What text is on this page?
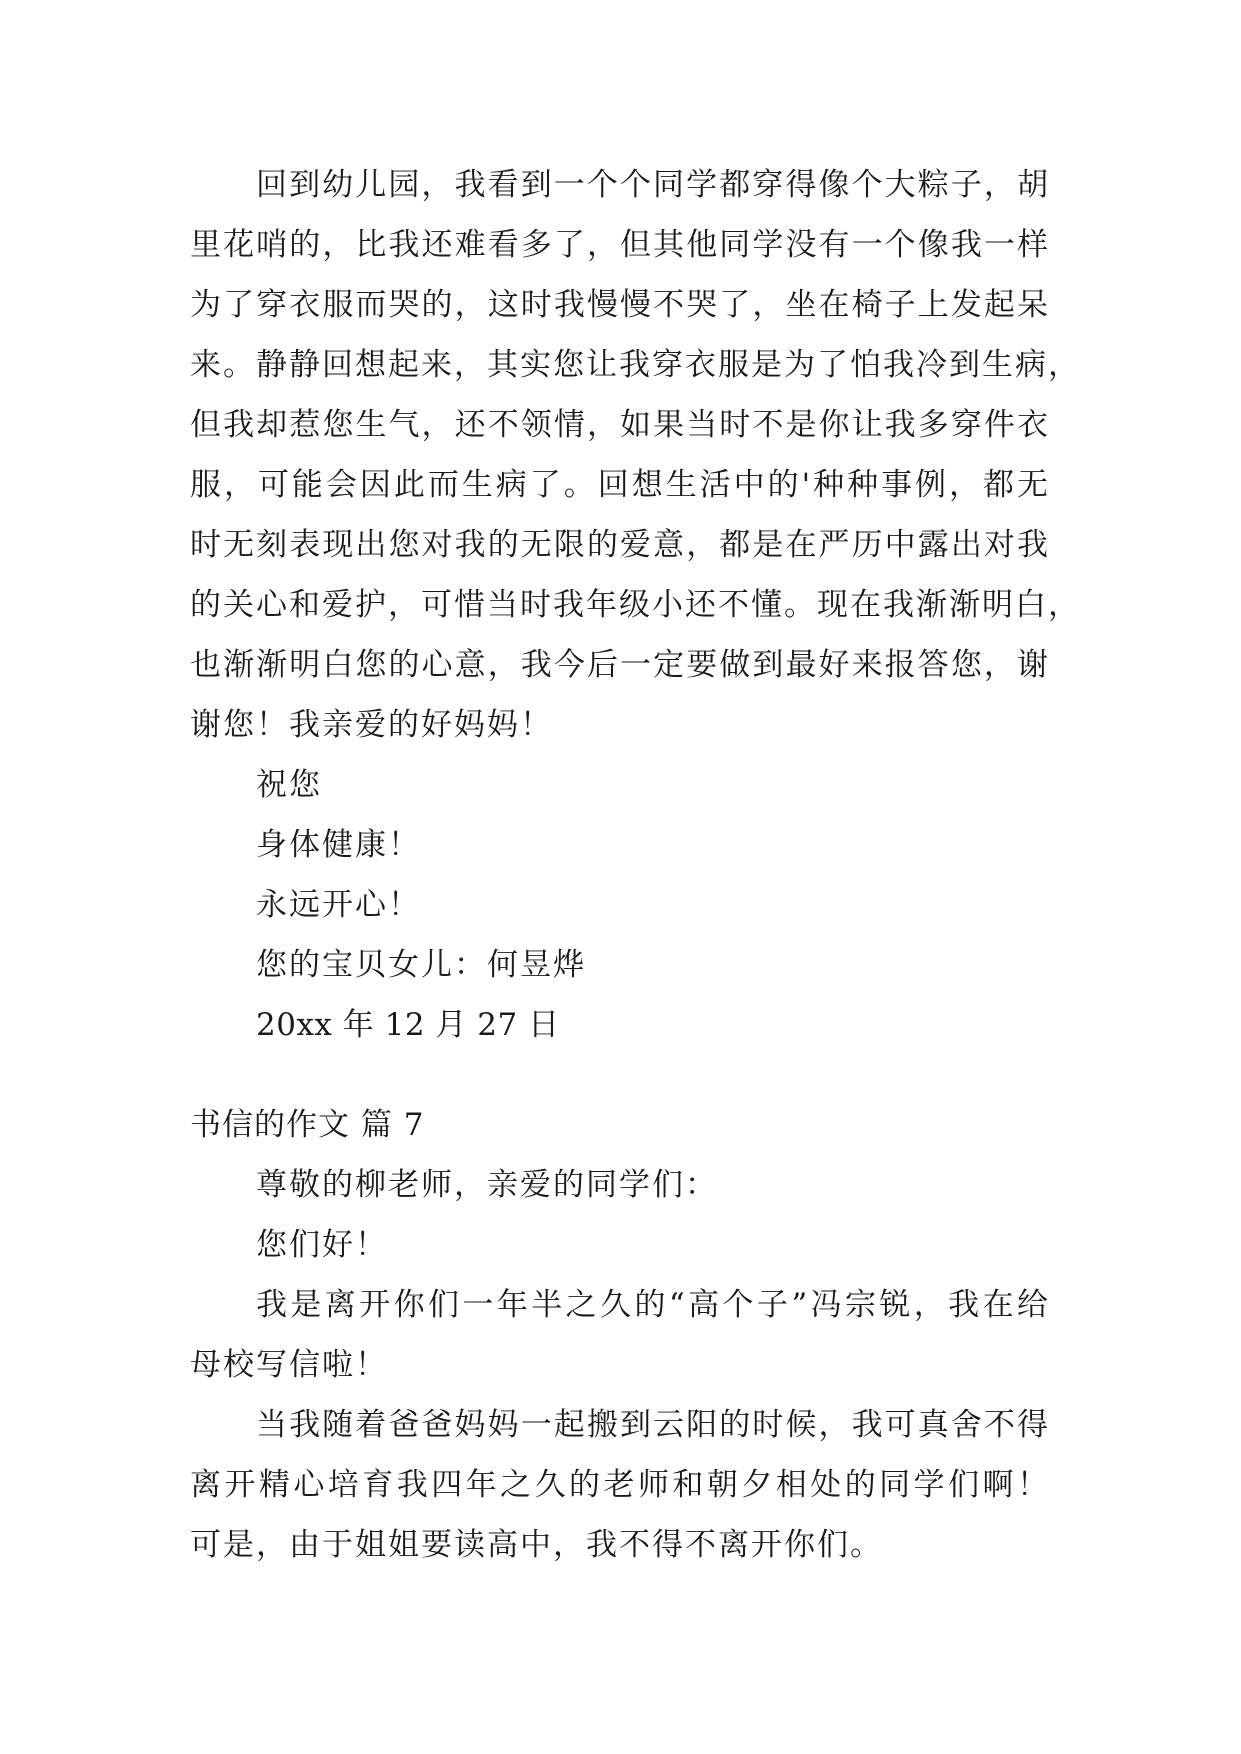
回到幼儿园，我看到一个个同学都穿得像个大粽子，胡
里花哨的，比我还难看多了，但其他同学没有一个像我一样
为了穿衣服而哭的，这时我慢慢不哭了，坐在椅子上发起呆
来。静静回想起来，其实您让我穿衣服是为了怕我冷到生病，
但我却惹您生气，还不领情，如果当时不是你让我多穿件衣
服，可能会因此而生病了。回想生活中的'种种事例，都无
时无刻表现出您对我的无限的爱意，都是在严历中露出对我
的关心和爱护，可惜当时我年级小还不懂。现在我渐渐明白，
也渐渐明白您的心意，我今后一定要做到最好来报答您，谢
谢您！我亲爱的好妈妈！
祝您
身体健康！
永远开心！
您的宝贝女儿：何昱烨
20xx 年 12 月 27 日
书信的作文 篇 7
尊敬的柳老师，亲爱的同学们：
您们好！
我是离开你们一年半之久的“高个子”冯宗锐，我在给
母校写信啦！
当我随着爸爸妈妈一起搬到云阳的时候，我可真舍不得
离开精心培育我四年之久的老师和朝夕相处的同学们啊！
可是，由于姐姐要读高中，我不得不离开你们。
